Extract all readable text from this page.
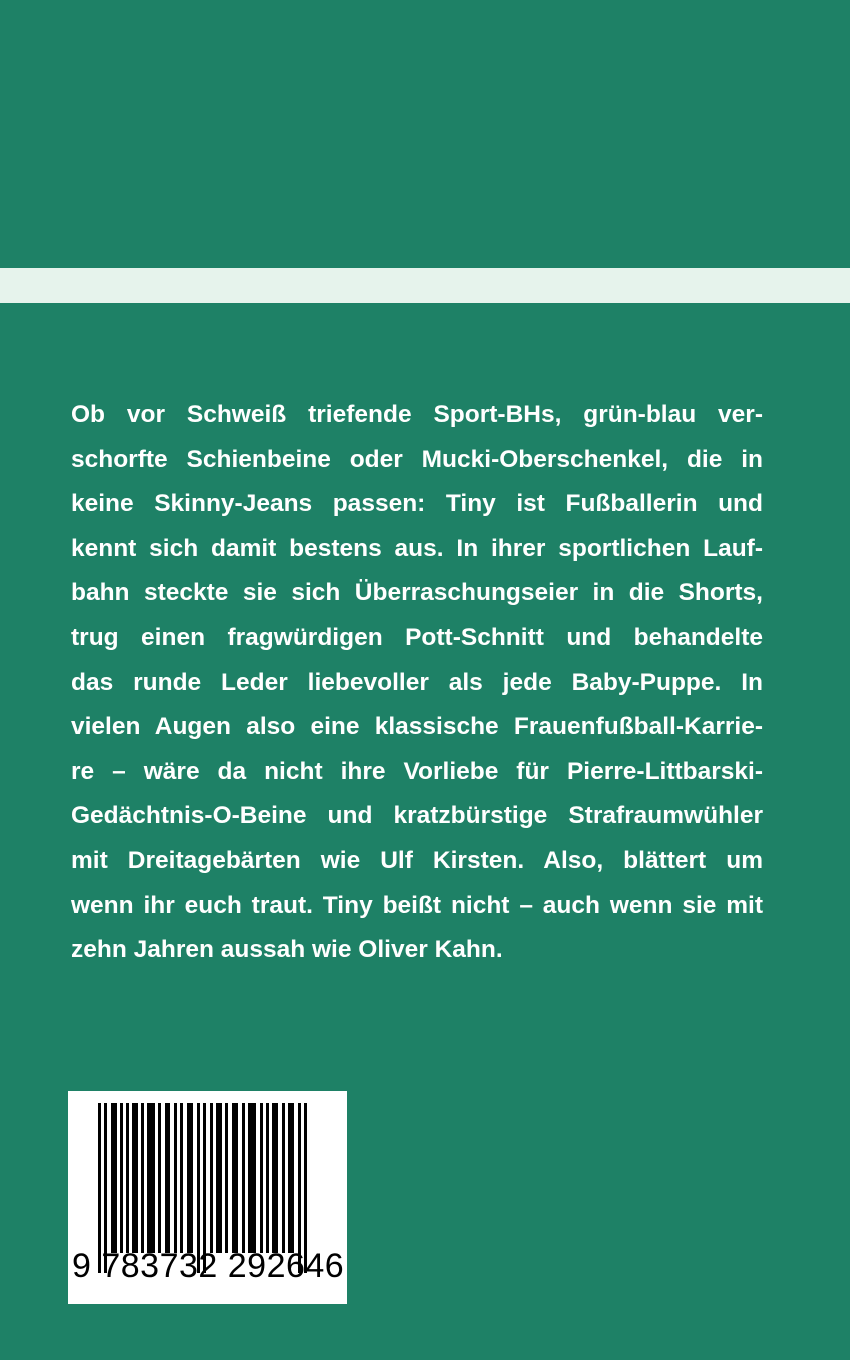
Ob vor Schweiß triefende Sport-BHs, grün-blau ver-
schorfte Schienbeine oder Mucki-Oberschenkel, die in
keine Skinny-Jeans passen: Tiny ist Fußballerin und
kennt sich damit bestens aus. In ihrer sportlichen Lauf-
bahn steckte sie sich Überraschungseier in die Shorts,
trug einen fragwürdigen Pott-Schnitt und behandelte
das runde Leder liebevoller als jede Baby-Puppe. In
vielen Augen also eine klassische Frauenfußball-Karrie-
re – wäre da nicht ihre Vorliebe für Pierre-Littbarski-
Gedächtnis-O-Beine und kratzbürstige Strafraumwühler
mit Dreitagebärten wie Ulf Kirsten. Also, blättert um
wenn ihr euch traut. Tiny beißt nicht – auch wenn sie mit
zehn Jahren aussah wie Oliver Kahn.
9 783732 292646
